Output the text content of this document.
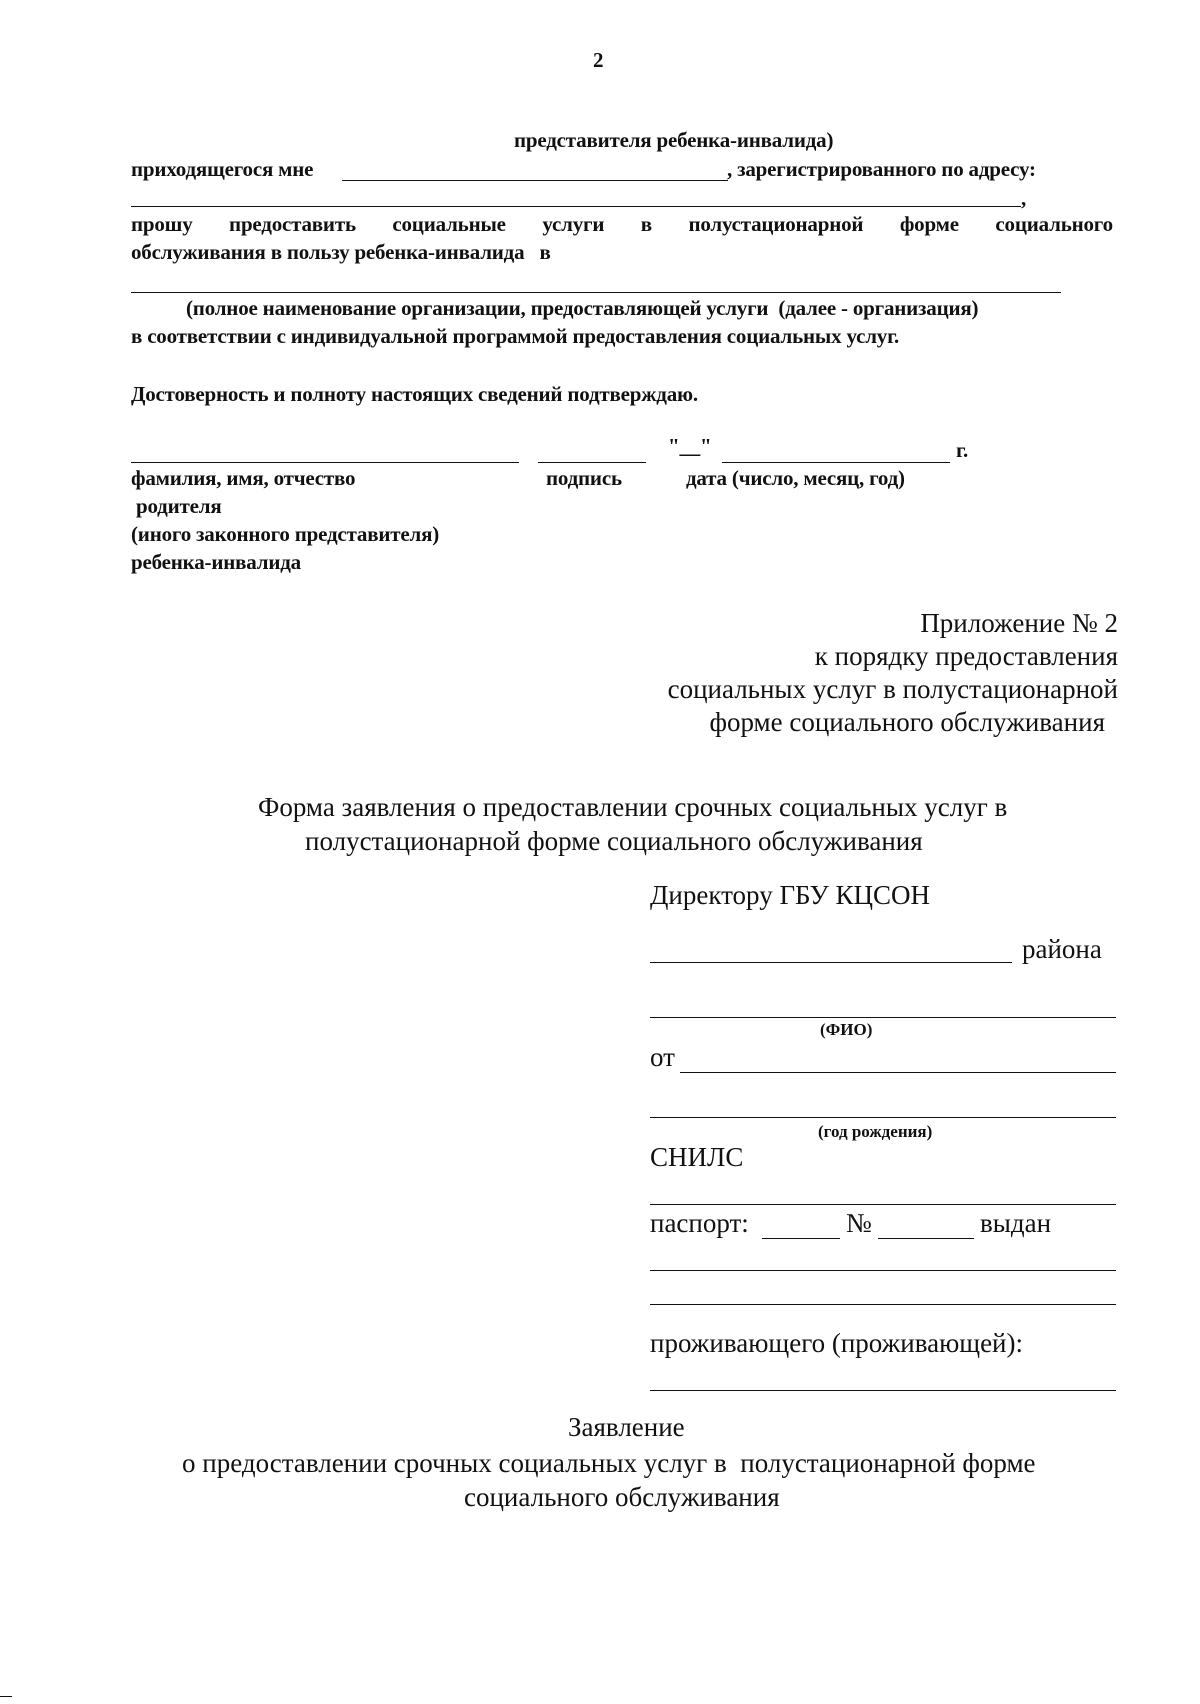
2
представителя ребенка-инвалида)
приходящегося мне	, зарегистрированного по адресу:
,
прошу предоставить социальные услуги в полустационарной форме социального
обслуживания в пользу ребенка-инвалида   в
(полное наименование организации, предоставляющей услуги  (далее - организация)
в соответствии с индивидуальной программой предоставления социальных услуг.
Достоверность и полноту настоящих сведений подтверждаю.
"__"	г.
фамилия, имя, отчество	подпись	дата (число, месяц, год)
родителя
(иного законного представителя)
ребенка-инвалида
Приложение № 2
к порядку предоставления
социальных услуг в полустационарной
форме социального обслуживания
Форма заявления о предоставлении срочных социальных услуг в
полустационарной форме социального обслуживания
Директору ГБУ КЦСОН
района
(ФИО)
от
(год рождения)
СНИЛС
паспорт:	№	выдан
проживающего (проживающей):
Заявление
о предоставлении срочных социальных услуг в  полустационарной форме
социального обслуживания
